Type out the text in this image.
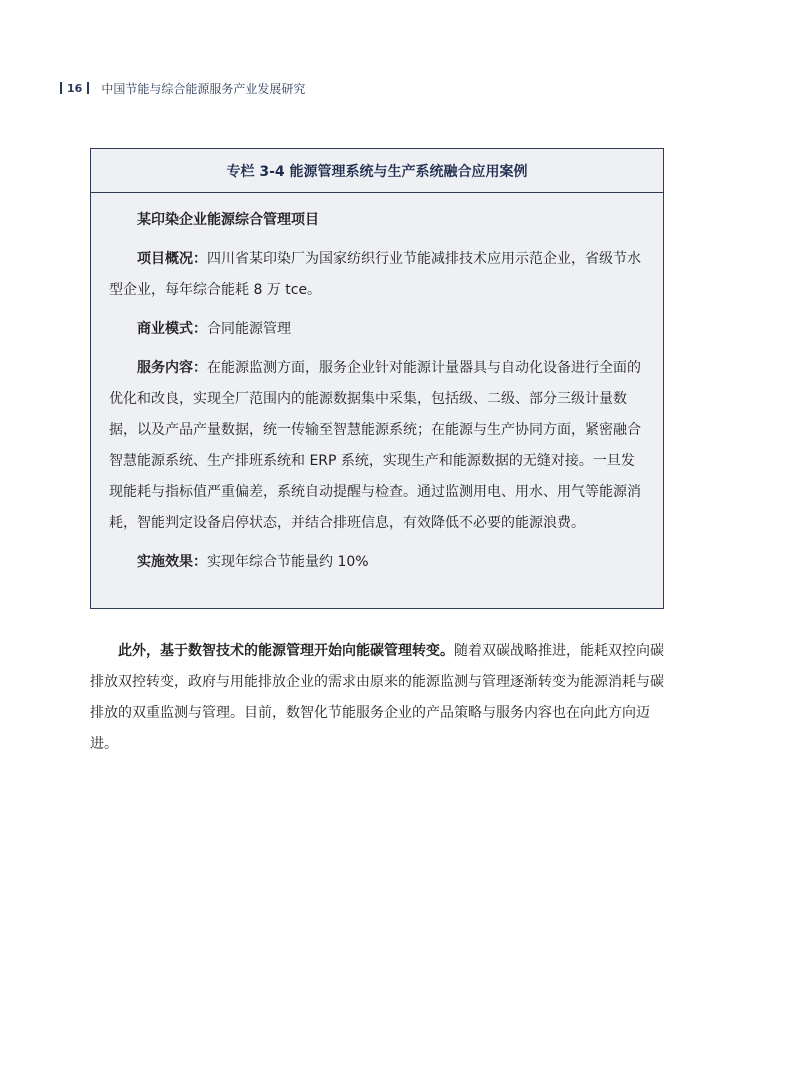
16 中国节能与综合能源服务产业发展研究
专栏 3-4 能源管理系统与生产系统融合应用案例

某印染企业能源综合管理项目

项目概况：四川省某印染厂为国家纺织行业节能减排技术应用示范企业，省级节水型企业，每年综合能耗 8 万 tce。

商业模式：合同能源管理

服务内容：在能源监测方面，服务企业针对能源计量器具与自动化设备进行全面的优化和改良，实现全厂范围内的能源数据集中采集，包括级、二级、部分三级计量数据，以及产品产量数据，统一传输至智慧能源系统；在能源与生产协同方面，紧密融合智慧能源系统、生产排班系统和 ERP 系统，实现生产和能源数据的无缝对接。一旦发现能耗与指标值严重偏差，系统自动提醒与检查。通过监测用电、用水、用气等能源消耗，智能判定设备启停状态，并结合排班信息，有效降低不必要的能源浪费。

实施效果：实现年综合节能量约 10%

此外，基于数智技术的能源管理开始向能碳管理转变。随着双碳战略推进，能耗双控向碳排放双控转变，政府与用能排放企业的需求由原来的能源监测与管理逐渐转变为能源消耗与碳排放的双重监测与管理。目前，数智化节能服务企业的产品策略与服务内容也在向此方向迈进。
